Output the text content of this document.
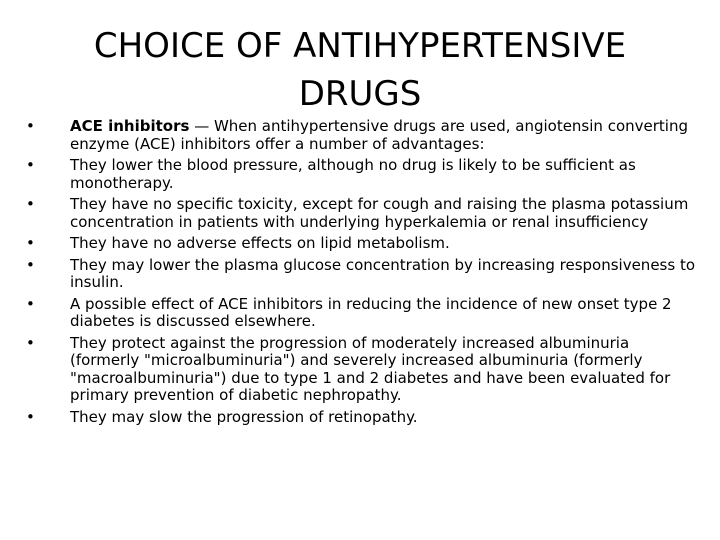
CHOICE OF ANTIHYPERTENSIVE DRUGS
• ACE inhibitors — When antihypertensive drugs are used, angiotensin converting enzyme (ACE) inhibitors offer a number of advantages:
• They lower the blood pressure, although no drug is likely to be sufficient as monotherapy.
• They have no specific toxicity, except for cough and raising the plasma potassium concentration in patients with underlying hyperkalemia or renal insufficiency
• They have no adverse effects on lipid metabolism.
• They may lower the plasma glucose concentration by increasing responsiveness to insulin.
• A possible effect of ACE inhibitors in reducing the incidence of new onset type 2 diabetes is discussed elsewhere.
• They protect against the progression of moderately increased albuminuria (formerly "microalbuminuria") and severely increased albuminuria (formerly "macroalbuminuria") due to type 1 and 2 diabetes and have been evaluated for primary prevention of diabetic nephropathy.
• They may slow the progression of retinopathy.
